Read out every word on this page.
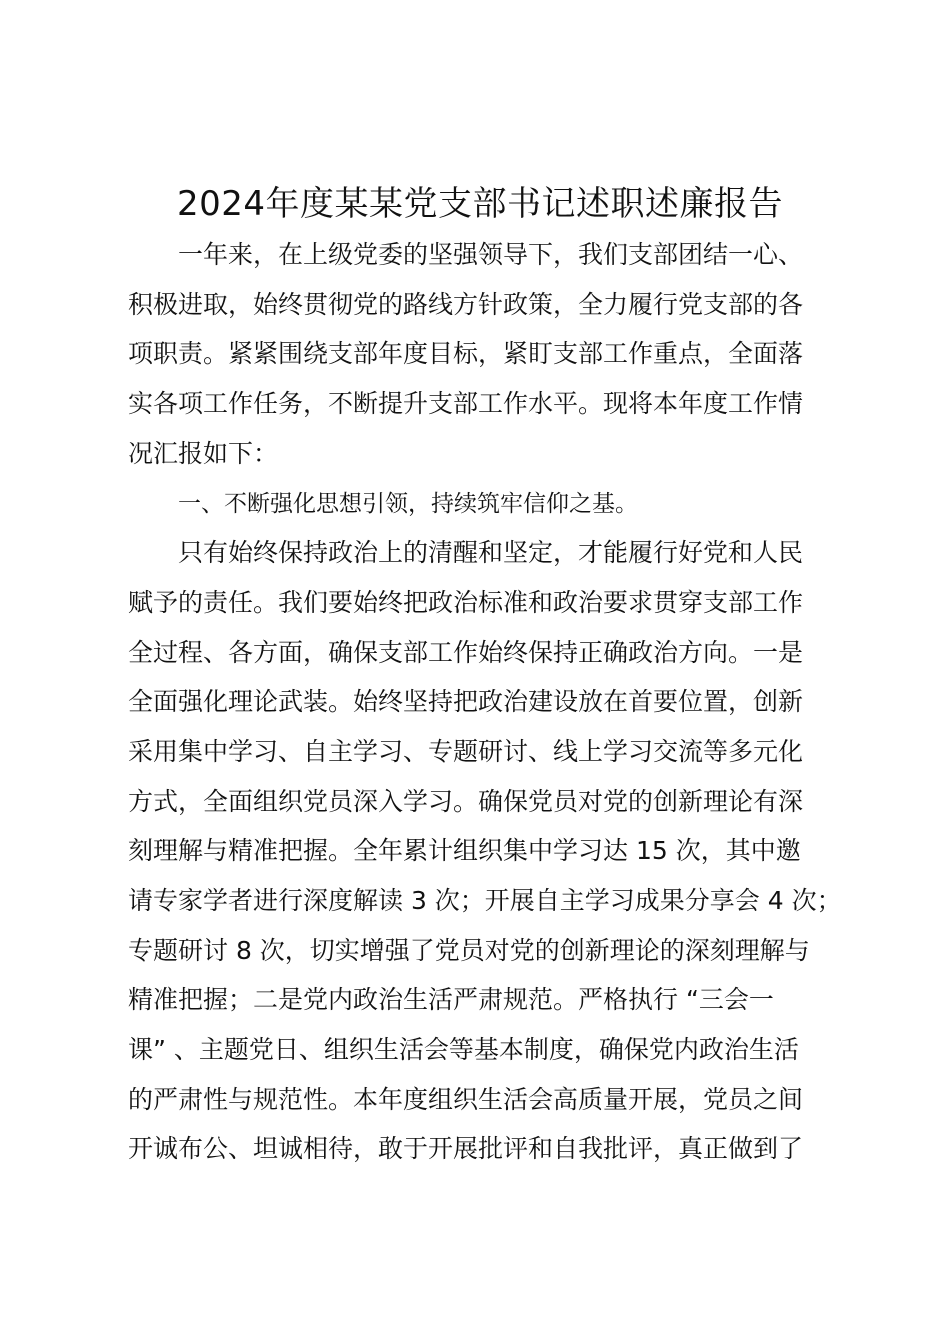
2024年度某某党支部书记述职述廉报告

一年来，在上级党委的坚强领导下，我们支部团结一心、

积极进取，始终贯彻党的路线方针政策，全力履行党支部的各

项职责。紧紧围绕支部年度目标，紧盯支部工作重点，全面落

实各项工作任务，不断提升支部工作水平。现将本年度工作情

况汇报如下：

一、不断强化思想引领，持续筑牢信仰之基。

只有始终保持政治上的清醒和坚定，才能履行好党和人民

赋予的责任。我们要始终把政治标准和政治要求贯穿支部工作

全过程、各方面，确保支部工作始终保持正确政治方向。一是

全面强化理论武装。始终坚持把政治建设放在首要位置，创新

采用集中学习、自主学习、专题研讨、线上学习交流等多元化

方式，全面组织党员深入学习。确保党员对党的创新理论有深

刻理解与精准把握。全年累计组织集中学习达 15 次，其中邀

请专家学者进行深度解读 3 次；开展自主学习成果分享会 4 次；

专题研讨 8 次，切实增强了党员对党的创新理论的深刻理解与

精准把握；二是党内政治生活严肃规范。严格执行 “三会一

课” 、主题党日、组织生活会等基本制度，确保党内政治生活

的严肃性与规范性。本年度组织生活会高质量开展，党员之间

开诚布公、坦诚相待，敢于开展批评和自我批评，真正做到了
